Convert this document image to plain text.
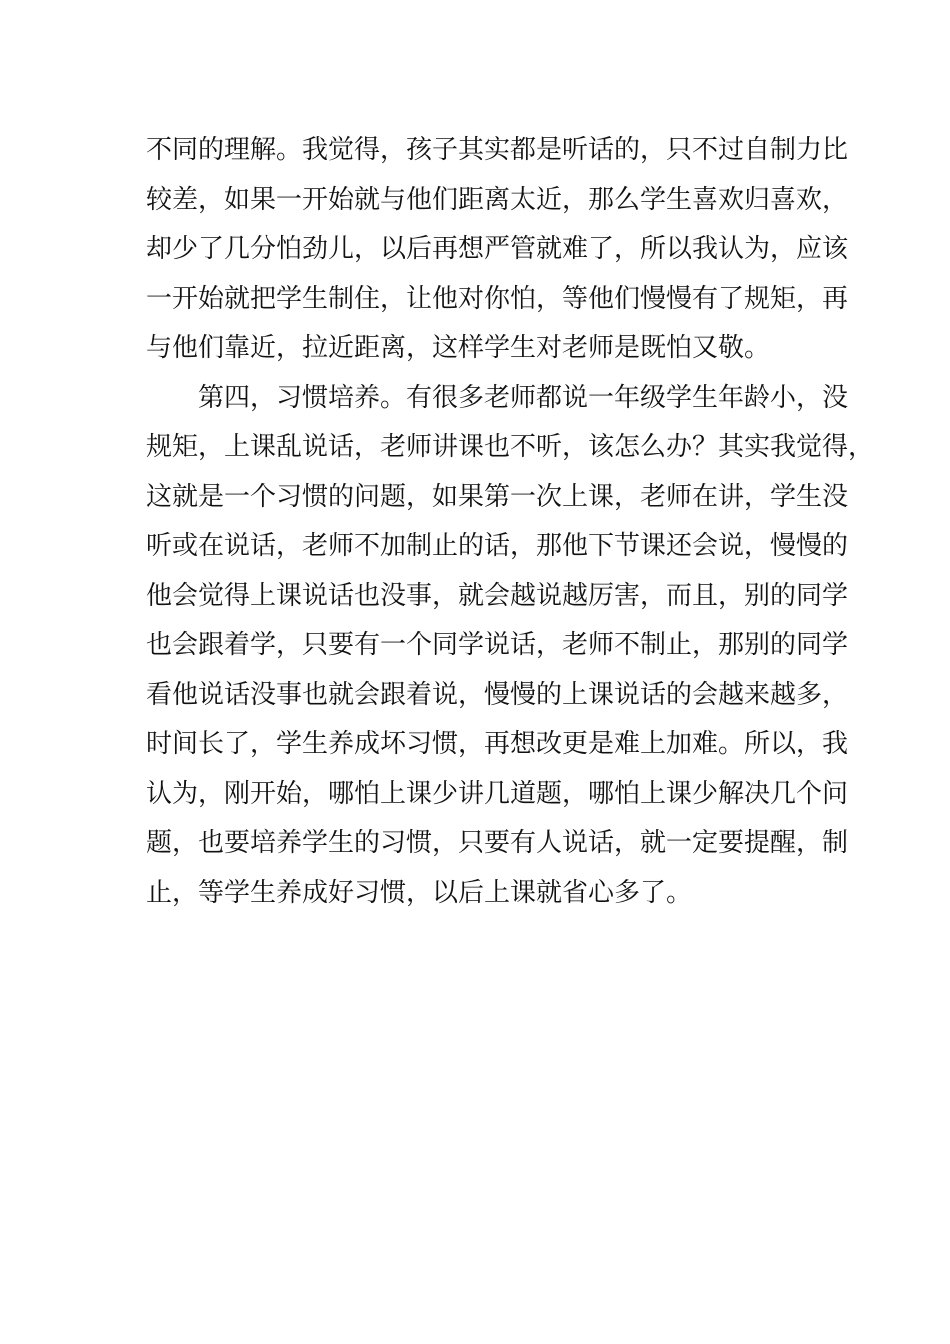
不同的理解。我觉得，孩子其实都是听话的，只不过自制力比
较差，如果一开始就与他们距离太近，那么学生喜欢归喜欢，
却少了几分怕劲儿，以后再想严管就难了，所以我认为，应该
一开始就把学生制住，让他对你怕，等他们慢慢有了规矩，再
与他们靠近，拉近距离，这样学生对老师是既怕又敬。
第四，习惯培养。有很多老师都说一年级学生年龄小，没
规矩，上课乱说话，老师讲课也不听，该怎么办？其实我觉得，
这就是一个习惯的问题，如果第一次上课，老师在讲，学生没
听或在说话，老师不加制止的话，那他下节课还会说，慢慢的
他会觉得上课说话也没事，就会越说越厉害，而且，别的同学
也会跟着学，只要有一个同学说话，老师不制止，那别的同学
看他说话没事也就会跟着说，慢慢的上课说话的会越来越多，
时间长了，学生养成坏习惯，再想改更是难上加难。所以，我
认为，刚开始，哪怕上课少讲几道题，哪怕上课少解决几个问
题，也要培养学生的习惯，只要有人说话，就一定要提醒，制
止，等学生养成好习惯，以后上课就省心多了。
